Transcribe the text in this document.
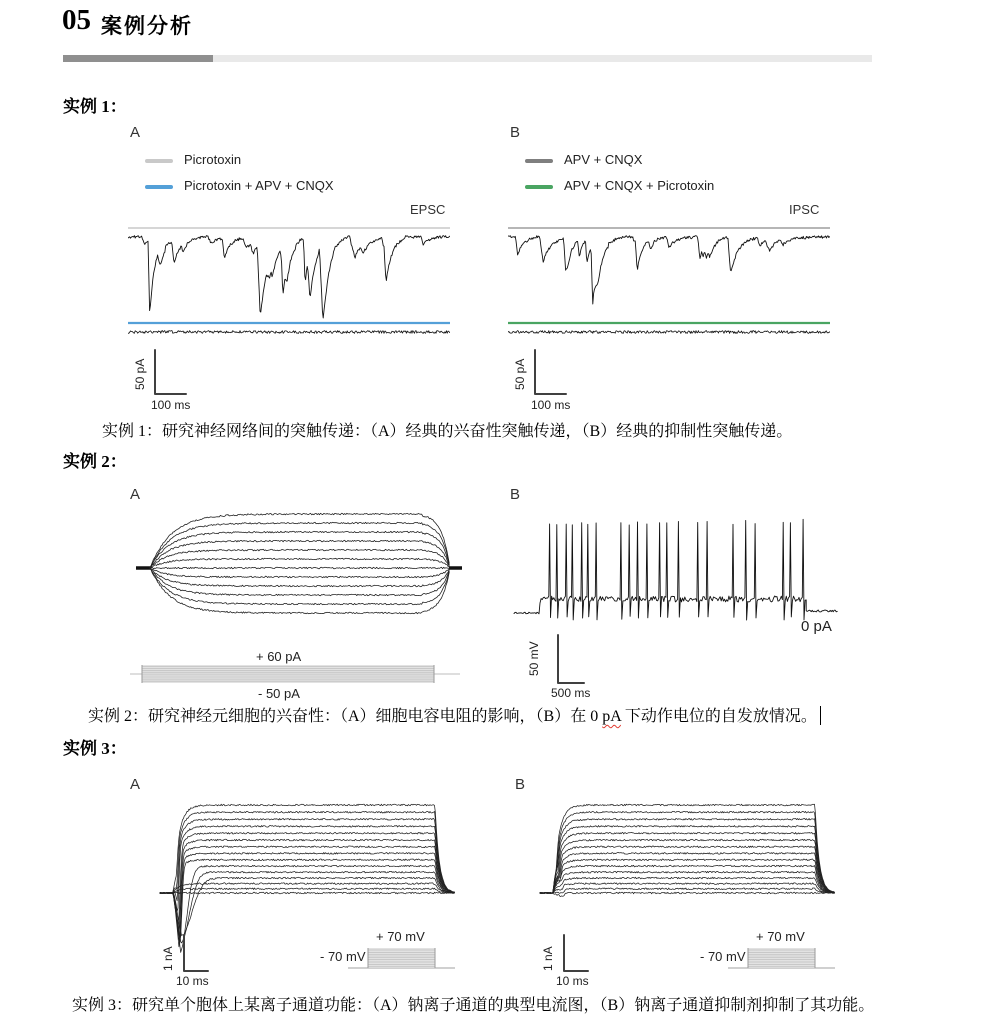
05 案例分析
实例 1：
A	B
Picrotoxin
Picrotoxin + APV + CNQX
APV + CNQX
APV + CNQX + Picrotoxin
EPSC	IPSC
50 pA
100 ms
50 pA
100 ms
实例 1：研究神经网络间的突触传递：（A）经典的兴奋性突触传递，（B）经典的抑制性突触传递。
实例 2：
A	B
+ 60 pA
- 50 pA
0 pA
50 mV
500 ms
实例 2：研究神经元细胞的兴奋性：（A）细胞电容电阻的影响，（B）在 0 pA 下动作电位的自发放情况。
实例 3：
A	B
1 nA
10 ms
+ 70 mV
- 70 mV	1 nA
10 ms
+ 70 mV
- 70 mV
实例 3：研究单个胞体上某离子通道功能：（A）钠离子通道的典型电流图，（B）钠离子通道抑制剂抑制了其功能。
